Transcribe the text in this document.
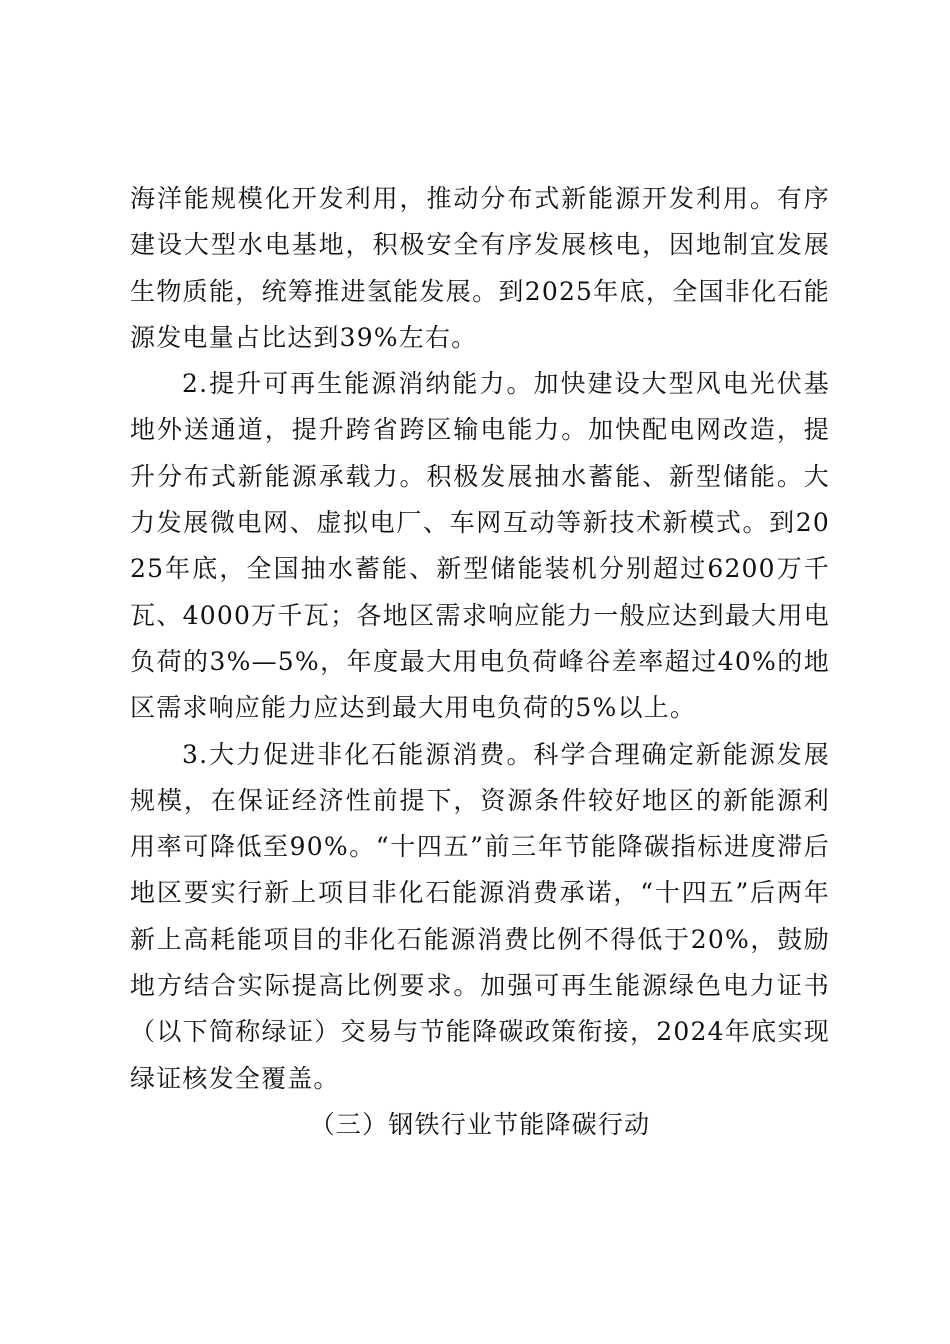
海洋能规模化开发利用，推动分布式新能源开发利用。有序建设大型水电基地，积极安全有序发展核电，因地制宜发展生物质能，统筹推进氢能发展。到2025年底，全国非化石能源发电量占比达到39%左右。

2.提升可再生能源消纳能力。加快建设大型风电光伏基地外送通道，提升跨省跨区输电能力。加快配电网改造，提升分布式新能源承载力。积极发展抽水蓄能、新型储能。大力发展微电网、虚拟电厂、车网互动等新技术新模式。到2025年底，全国抽水蓄能、新型储能装机分别超过6200万千瓦、4000万千瓦；各地区需求响应能力一般应达到最大用电负荷的3%—5%，年度最大用电负荷峰谷差率超过40%的地区需求响应能力应达到最大用电负荷的5%以上。

3.大力促进非化石能源消费。科学合理确定新能源发展规模，在保证经济性前提下，资源条件较好地区的新能源利用率可降低至90%。“十四五”前三年节能降碳指标进度滞后地区要实行新上项目非化石能源消费承诺，“十四五”后两年新上高耗能项目的非化石能源消费比例不得低于20%，鼓励地方结合实际提高比例要求。加强可再生能源绿色电力证书（以下简称绿证）交易与节能降碳政策衔接，2024年底实现绿证核发全覆盖。

（三）钢铁行业节能降碳行动
